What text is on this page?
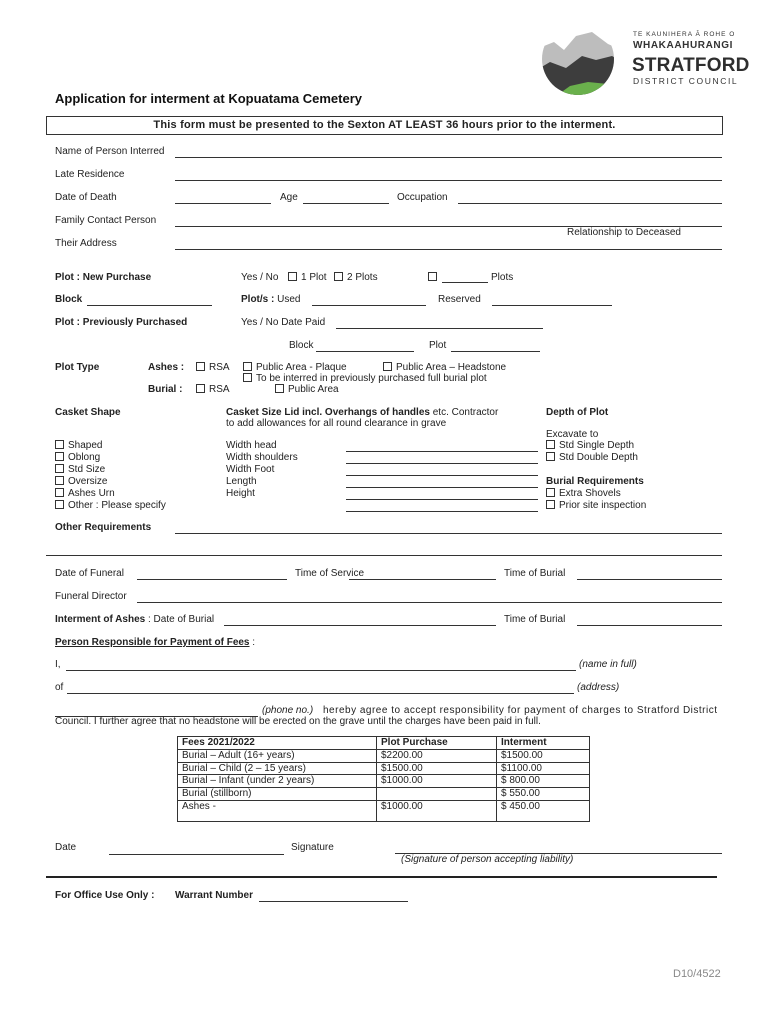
TE KAUNIHERA Ā ROHE O
WHAKAAHURANGI
STRATFORD
DISTRICT COUNCIL
Application for interment at Kopuatama Cemetery
This form must be presented to the Sexton AT LEAST 36 hours prior to the interment.
Name of Person Interred
Late Residence
Date of Death	Age	Occupation
Family Contact Person
Relationship to Deceased
Their Address
Plot : New Purchase	Yes / No	1 Plot	2 Plots	Plots
Block	Plot/s : Used	Reserved
Plot : Previously Purchased	Yes / No Date Paid
Block	Plot
Plot Type	Ashes :	RSA	Public Area - Plaque	Public Area – Headstone
To be interred in previously purchased full burial plot
Burial :	RSA	Public Area
Casket Shape	Casket Size Lid incl. Overhangs of handles etc. Contractor
to add allowances for all round clearance in grave
Depth of Plot
Shaped
Oblong
Std Size
Oversize
Ashes Urn
Other : Please specify
Width head
Width shoulders
Width Foot
Length
Height
Excavate to
Std Single Depth
Std Double Depth
Burial Requirements
Extra Shovels
Prior site inspection
Other Requirements
Date of Funeral	Time of Service	Time of Burial
Funeral Director
Interment of Ashes : Date of Burial	Time of Burial
Person Responsible for Payment of Fees :
I,	(name in full)
of	(address)
(phone no.) hereby agree to accept responsibility for payment of charges to Stratford District
Council. I further agree that no headstone will be erected on the grave until the charges have been paid in full.
Fees 2021/2022	Plot Purchase	Interment
Burial – Adult (16+ years)	$2200.00	$1500.00
Burial – Child (2 – 15 years)	$1500.00	$1100.00
Burial – Infant (under 2 years)	$1000.00	$ 800.00
Burial (stillborn)		$ 550.00
Ashes -	$1000.00	$ 450.00
Date	Signature
(Signature of person accepting liability)
For Office Use Only : Warrant Number
D10/4522
